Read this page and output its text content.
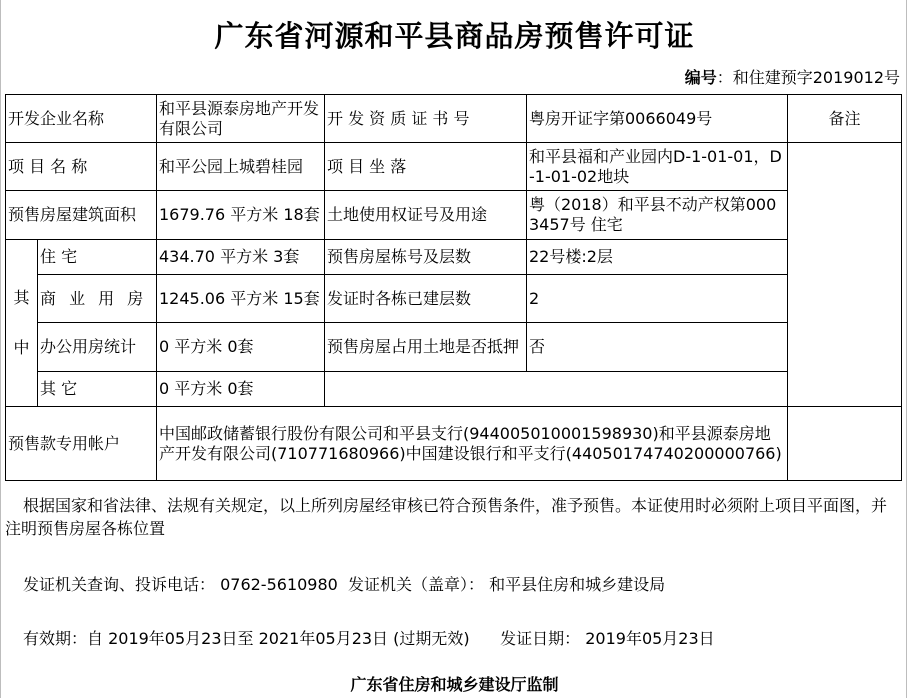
广东省河源和平县商品房预售许可证
编号：和住建预字2019012号
开发企业名称		和平县源泰房地产开发有限公司	开 发 资 质 证 书 号	粤房开证字第0066049号	备注
项 目 名 称		和平公园上城碧桂园	项 目 坐 落	和平县福和产业园内D-1-01-01，D-1-01-02地块	
预售房屋建筑面积		1679.76 平方米 18套	土地使用权证号及用途	粤（2018）和平县不动产权第0003457号 住宅	
其中	住 宅	434.70 平方米 3套	预售房屋栋号及层数	22号楼:2层	
	商 业 用 房	1245.06 平方米 15套	发证时各栋已建层数	2	
	办公用房统计	0 平方米 0套	预售房屋占用土地是否抵押	否	
	其 它	0 平方米 0套			
预售款专用帐户		中国邮政储蓄银行股份有限公司和平县支行(944005010001598930)和平县源泰房地产开发有限公司(710771680966)中国建设银行和平支行(44050174740200000766)			
根据国家和省法律、法规有关规定，以上所列房屋经审核已符合预售条件，准予预售。本证使用时必须附上项目平面图，并注明预售房屋各栋位置
发证机关查询、投诉电话： 0762-5610980  发证机关（盖章）： 和平县住房和城乡建设局
有效期：自 2019年05月23日至 2021年05月23日 (过期无效)      发证日期： 2019年05月23日
广东省住房和城乡建设厅监制
